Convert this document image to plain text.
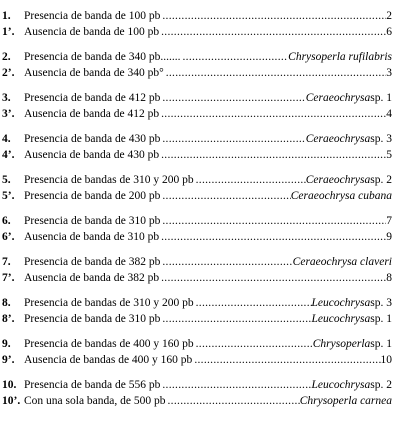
1.	Presencia de banda de 100 pb .....	2
1’. Ausencia de banda de 100 pb .....	6
2.	Presencia de banda de 340 pb....... .....	Chrysoperla rufilabris
2’. Ausencia de banda de 340 pb° .....	3
3.	Presencia de banda de 412 pb .....	Ceraeochrysa sp. 1
3’. Ausencia de banda de 412 pb .....	4
4.	Presencia de banda de 430 pb .....	Ceraeochrysa sp. 3
4’. Ausencia de banda de 430 pb .....	5
5.	Presencia de bandas de 310 y 200 pb .....	Ceraeochrysa sp. 2
5’. Presencia de banda de 200 pb .....	Ceraeochrysa cubana
6.	Presencia de banda de 310 pb .....	7
6’. Ausencia de banda de 310 pb .....	9
7.	Presencia de banda de 382 pb .....	Ceraeochrysa claveri
7’. Ausencia de banda de 382 pb .....	8
8.	Presencia de bandas de 310 y 200 pb .....	Leucochrysa sp. 3
8’. Presencia de banda de 310 pb .....	Leucochrysa sp. 1
9.	Presencia de bandas de 400 y 160 pb .....	Chrysoperla sp. 1
9’. Ausencia de bandas de 400 y 160 pb .....	10
10. Presencia de banda de 556 pb .....	Leucochrysa sp. 2
10’. Con una sola banda, de 500 pb .....	Chrysoperla carnea
